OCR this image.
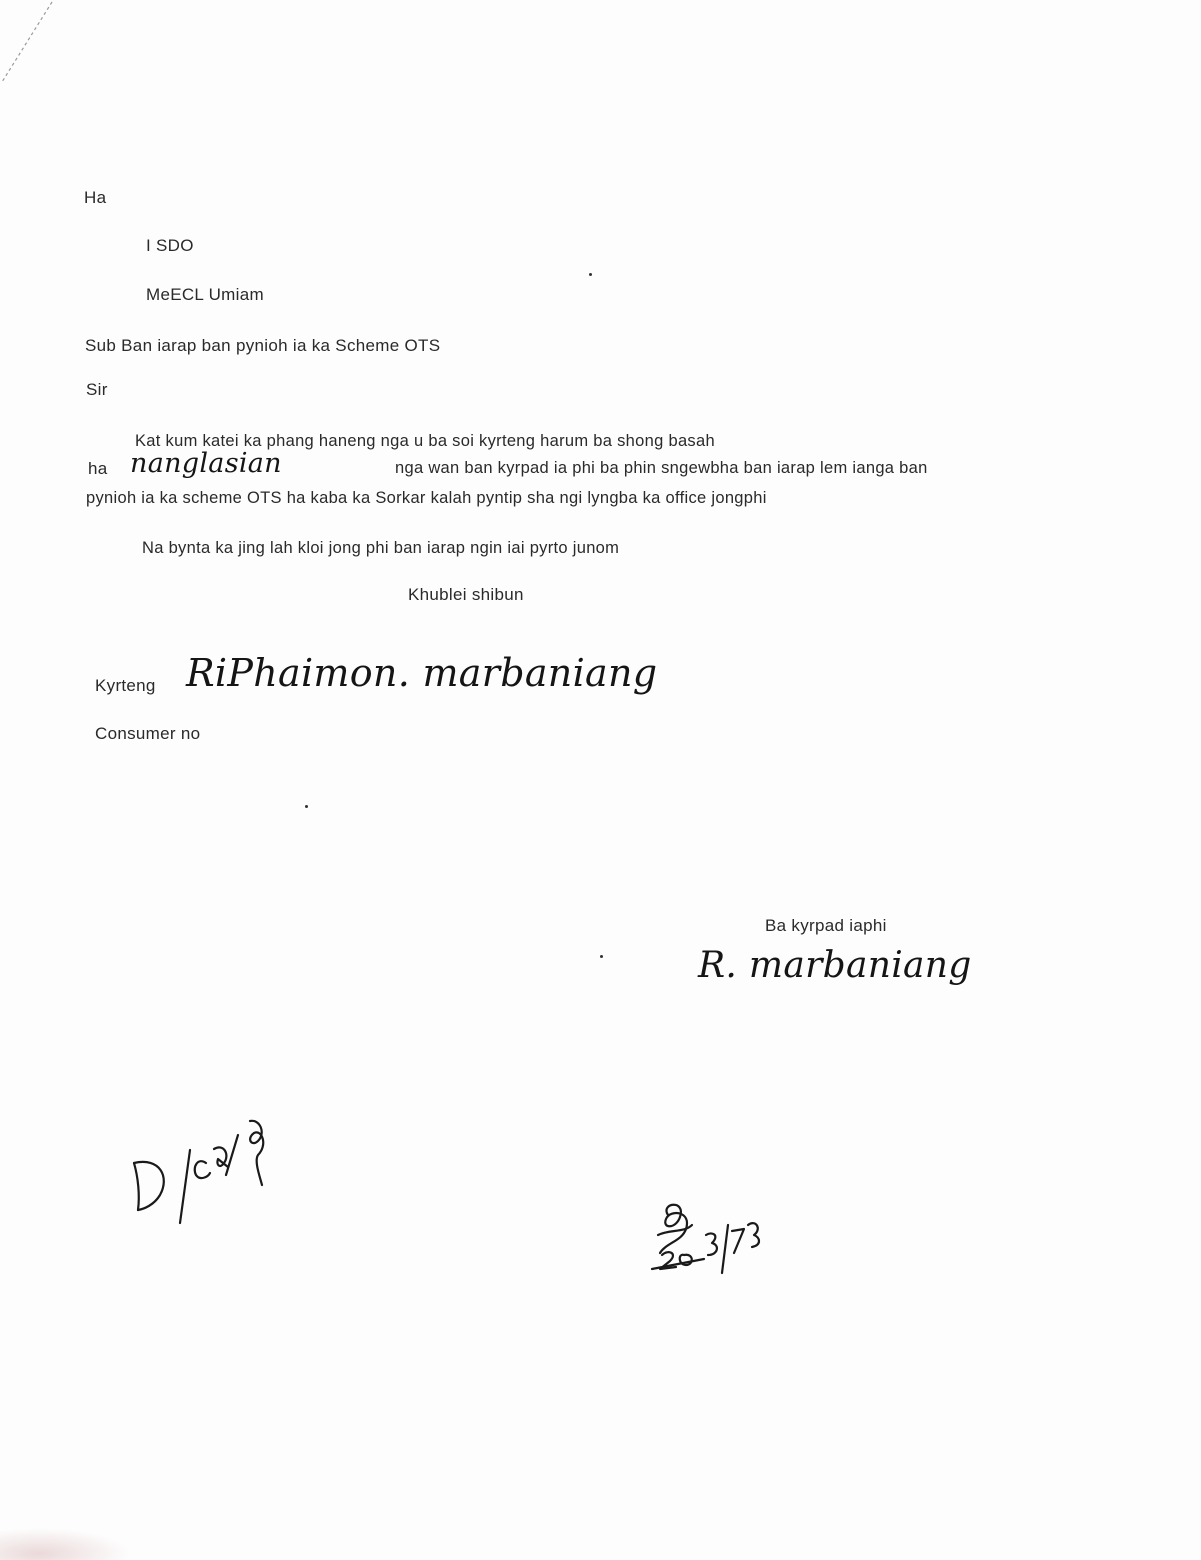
Ha
I SDO
MeECL Umiam
Sub Ban iarap ban pynioh ia ka Scheme OTS
Sir
Kat kum katei ka phang haneng nga u ba soi kyrteng harum ba shong basah
ha nanglasian	nga wan ban kyrpad ia phi ba phin sngewbha ban iarap lem ianga ban
pynioh ia ka scheme OTS ha kaba ka Sorkar kalah pyntip sha ngi lyngba ka office jongphi
Na byntа ka jing lah kloi jong phi ban iarap ngin iai pyrto junom
Khublei shibun
Kyrteng RiPhaimon. marbaniang
Consumer no
Ba kyrpad iaphi
R. marbaniang
